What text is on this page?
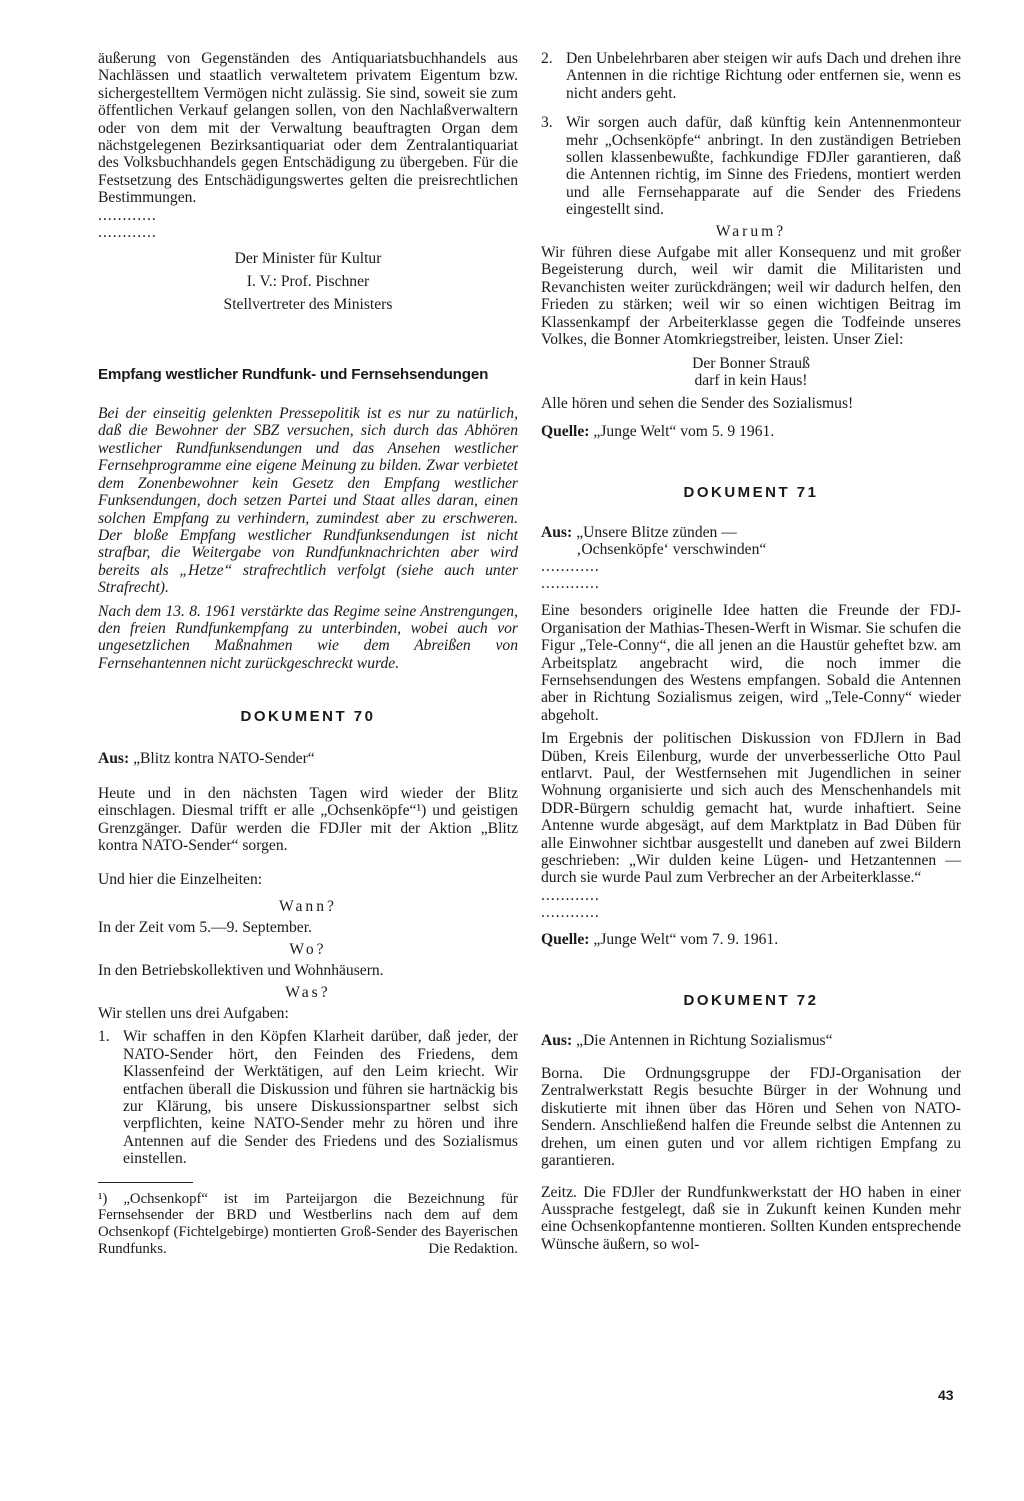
äußerung von Gegenständen des Antiquariatsbuchhandels aus Nachlässen und staatlich verwaltetem privatem Eigentum bzw. sichergestelltem Vermögen nicht zulässig. Sie sind, soweit sie zum öffentlichen Verkauf gelangen sollen, von den Nachlaßverwaltern oder von dem mit der Verwaltung beauftragten Organ dem nächstgelegenen Bezirksantiquariat oder dem Zentralantiquariat des Volksbuchhandels gegen Entschädigung zu übergeben. Für die Festsetzung des Entschädigungswertes gelten die preisrechtlichen Bestimmungen.

............

............

Der Minister für Kultur

I. V.: Prof. Pischner

Stellvertreter des Ministers

Empfang westlicher Rundfunk- und Fernsehsendungen

Bei der einseitig gelenkten Pressepolitik ist es nur zu natürlich, daß die Bewohner der SBZ versuchen, sich durch das Abhören westlicher Rundfunksendungen und das Ansehen westlicher Fernsehprogramme eine eigene Meinung zu bilden. Zwar verbietet dem Zonenbewohner kein Gesetz den Empfang westlicher Funksendungen, doch setzen Partei und Staat alles daran, einen solchen Empfang zu verhindern, zumindest aber zu erschweren. Der bloße Empfang westlicher Rundfunksendungen ist nicht strafbar, die Weitergabe von Rundfunknachrichten aber wird bereits als „Hetze“ strafrechtlich verfolgt (siehe auch unter Strafrecht).

Nach dem 13. 8. 1961 verstärkte das Regime seine Anstrengungen, den freien Rundfunkempfang zu unterbinden, wobei auch vor ungesetzlichen Maßnahmen wie dem Abreißen von Fernsehantennen nicht zurückgeschreckt wurde.

DOKUMENT 70

Aus: „Blitz kontra NATO-Sender“

Heute und in den nächsten Tagen wird wieder der Blitz einschlagen. Diesmal trifft er alle „Ochsenköpfe“¹) und geistigen Grenzgänger. Dafür werden die FDJler mit der Aktion „Blitz kontra NATO-Sender“ sorgen.

Und hier die Einzelheiten:

Wann?

In der Zeit vom 5.—9. September.

Wo?

In den Betriebskollektiven und Wohnhäusern.

Was?

Wir stellen uns drei Aufgaben:

1. Wir schaffen in den Köpfen Klarheit darüber, daß jeder, der NATO-Sender hört, den Feinden des Friedens, dem Klassenfeind der Werktätigen, auf den Leim kriecht. Wir entfachen überall die Diskussion und führen sie hartnäckig bis zur Klärung, bis unsere Diskussionspartner selbst sich verpflichten, keine NATO-Sender mehr zu hören und ihre Antennen auf die Sender des Friedens und des Sozialismus einstellen.

¹) „Ochsenkopf“ ist im Parteijargon die Bezeichnung für Fernsehsender der BRD und Westberlins nach dem auf dem Ochsenkopf (Fichtelgebirge) montierten Groß-Sender des Bayerischen Rundfunks.	Die Redaktion.

2. Den Unbelehrbaren aber steigen wir aufs Dach und drehen ihre Antennen in die richtige Richtung oder entfernen sie, wenn es nicht anders geht.
3. Wir sorgen auch dafür, daß künftig kein Antennenmonteur mehr „Ochsenköpfe“ anbringt. In den zuständigen Betrieben sollen klassenbewußte, fachkundige FDJler garantieren, daß die Antennen richtig, im Sinne des Friedens, montiert werden und alle Fernsehapparate auf die Sender des Friedens eingestellt sind.

Warum?

Wir führen diese Aufgabe mit aller Konsequenz und mit großer Begeisterung durch, weil wir damit die Militaristen und Revanchisten weiter zurückdrängen; weil wir dadurch helfen, den Frieden zu stärken; weil wir so einen wichtigen Beitrag im Klassenkampf der Arbeiterklasse gegen die Todfeinde unseres Volkes, die Bonner Atomkriegstreiber, leisten. Unser Ziel:

Der Bonner Strauß

darf in kein Haus!

Alle hören und sehen die Sender des Sozialismus!

Quelle: „Junge Welt“ vom 5. 9 1961.

DOKUMENT 71

Aus: „Unsere Blitze zünden —
‚Ochsenköpfe‘ verschwinden“

............

............

Eine besonders originelle Idee hatten die Freunde der FDJ-Organisation der Mathias-Thesen-Werft in Wismar. Sie schufen die Figur „Tele-Conny“, die all jenen an die Haustür geheftet bzw. am Arbeitsplatz angebracht wird, die noch immer die Fernsehsendungen des Westens empfangen. Sobald die Antennen aber in Richtung Sozialismus zeigen, wird „Tele-Conny“ wieder abgeholt.

Im Ergebnis der politischen Diskussion von FDJlern in Bad Düben, Kreis Eilenburg, wurde der unverbesserliche Otto Paul entlarvt. Paul, der Westfernsehen mit Jugendlichen in seiner Wohnung organisierte und sich auch des Menschenhandels mit DDR-Bürgern schuldig gemacht hat, wurde inhaftiert. Seine Antenne wurde abgesägt, auf dem Marktplatz in Bad Düben für alle Einwohner sichtbar ausgestellt und daneben auf zwei Bildern geschrieben: „Wir dulden keine Lügen- und Hetzantennen — durch sie wurde Paul zum Verbrecher an der Arbeiterklasse.“

............

............

Quelle: „Junge Welt“ vom 7. 9. 1961.

DOKUMENT 72

Aus: „Die Antennen in Richtung Sozialismus“

Borna. Die Ordnungsgruppe der FDJ-Organisation der Zentralwerkstatt Regis besuchte Bürger in der Wohnung und diskutierte mit ihnen über das Hören und Sehen von NATO-Sendern. Anschließend halfen die Freunde selbst die Antennen zu drehen, um einen guten und vor allem richtigen Empfang zu garantieren.

Zeitz. Die FDJler der Rundfunkwerkstatt der HO haben in einer Aussprache festgelegt, daß sie in Zukunft keinen Kunden mehr eine Ochsenkopfantenne montieren. Sollten Kunden entsprechende Wünsche äußern, so wol-

43
